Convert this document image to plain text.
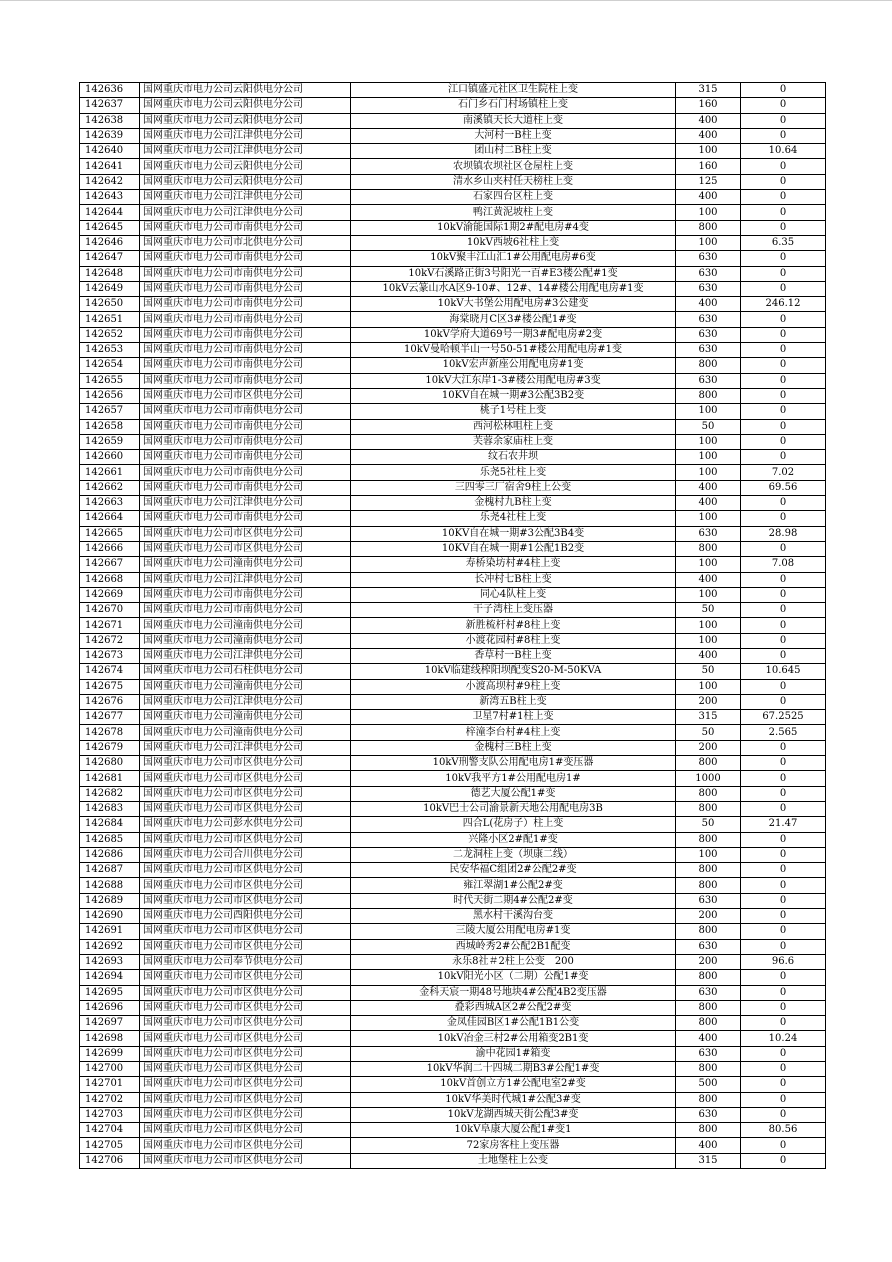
142636	国网重庆市电力公司云阳供电分公司	江口镇盛元社区卫生院柱上变	315	0
142637	国网重庆市电力公司云阳供电分公司	石门乡石门村场镇柱上变	160	0
142638	国网重庆市电力公司云阳供电分公司	南溪镇天长大道柱上变	400	0
142639	国网重庆市电力公司江津供电分公司	大河村一B柱上变	400	0
142640	国网重庆市电力公司江津供电分公司	团山村二B柱上变	100	10.64
142641	国网重庆市电力公司云阳供电分公司	农坝镇农坝社区仓屋柱上变	160	0
142642	国网重庆市电力公司云阳供电分公司	清水乡山夹村任天榜柱上变	125	0
142643	国网重庆市电力公司江津供电分公司	石家四台区柱上变	400	0
142644	国网重庆市电力公司江津供电分公司	鸭江黄泥坡柱上变	100	0
142645	国网重庆市电力公司市南供电分公司	10kV渝能国际1期2#配电房#4变	800	0
142646	国网重庆市电力公司市北供电分公司	10kV西坡6社柱上变	100	6.35
142647	国网重庆市电力公司市南供电分公司	10kV聚丰江山汇1#公用配电房#6变	630	0
142648	国网重庆市电力公司市南供电分公司	10kV石溪路正街3号阳光一百#E3楼公配#1变	630	0
142649	国网重庆市电力公司市南供电分公司	10kV云篆山水A区9-10#、12#、14#楼公用配电房#1变	630	0
142650	国网重庆市电力公司市南供电分公司	10kV大书堡公用配电房#3公建变	400	246.12
142651	国网重庆市电力公司市南供电分公司	海棠晓月C区3#楼公配1#变	630	0
142652	国网重庆市电力公司市南供电分公司	10kV学府大道69号一期3#配电房#2变	630	0
142653	国网重庆市电力公司市南供电分公司	10kV曼哈顿半山一号50-51#楼公用配电房#1变	630	0
142654	国网重庆市电力公司市南供电分公司	10kV宏声新座公用配电房#1变	800	0
142655	国网重庆市电力公司市南供电分公司	10kV大江东岸1-3#楼公用配电房#3变	630	0
142656	国网重庆市电力公司市区供电分公司	10KV自在城一期#3公配3B2变	800	0
142657	国网重庆市电力公司市南供电分公司	桃子1号柱上变	100	0
142658	国网重庆市电力公司市南供电分公司	西河松林咀柱上变	50	0
142659	国网重庆市电力公司市南供电分公司	芙蓉余家庙柱上变	100	0
142660	国网重庆市电力公司市南供电分公司	纹石农井坝	100	0
142661	国网重庆市电力公司市南供电分公司	乐尧5社柱上变	100	7.02
142662	国网重庆市电力公司市南供电分公司	三四零三厂宿舍9柱上公变	400	69.56
142663	国网重庆市电力公司江津供电分公司	金槐村九B柱上变	400	0
142664	国网重庆市电力公司市南供电分公司	乐尧4社柱上变	100	0
142665	国网重庆市电力公司市区供电分公司	10KV自在城一期#3公配3B4变	630	28.98
142666	国网重庆市电力公司市区供电分公司	10KV自在城一期#1公配1B2变	800	0
142667	国网重庆市电力公司潼南供电分公司	寿桥染坊村#4柱上变	100	7.08
142668	国网重庆市电力公司江津供电分公司	长冲村七B柱上变	400	0
142669	国网重庆市电力公司市南供电分公司	同心4队柱上变	100	0
142670	国网重庆市电力公司市南供电分公司	干子湾柱上变压器	50	0
142671	国网重庆市电力公司潼南供电分公司	新胜梳杆村#8柱上变	100	0
142672	国网重庆市电力公司潼南供电分公司	小渡花园村#8柱上变	100	0
142673	国网重庆市电力公司江津供电分公司	香草村一B柱上变	400	0
142674	国网重庆市电力公司石柱供电分公司	10kV临建线榨阳坝配变S20-M-50KVA	50	10.645
142675	国网重庆市电力公司潼南供电分公司	小渡高坝村#9柱上变	100	0
142676	国网重庆市电力公司江津供电分公司	新湾五B柱上变	200	0
142677	国网重庆市电力公司潼南供电分公司	卫星7村#1柱上变	315	67.2525
142678	国网重庆市电力公司潼南供电分公司	梓潼李台村#4柱上变	50	2.565
142679	国网重庆市电力公司江津供电分公司	金槐村三B柱上变	200	0
142680	国网重庆市电力公司市区供电分公司	10kV刑警支队公用配电房1#变压器	800	0
142681	国网重庆市电力公司市区供电分公司	10kV我平方1#公用配电房1#	1000	0
142682	国网重庆市电力公司市区供电分公司	德艺大厦公配1#变	800	0
142683	国网重庆市电力公司市区供电分公司	10kV巴士公司渝景新天地公用配电房3B	800	0
142684	国网重庆市电力公司彭水供电分公司	四合L(花房子）柱上变	50	21.47
142685	国网重庆市电力公司市区供电分公司	兴隆小区2#配1#变	800	0
142686	国网重庆市电力公司合川供电分公司	二龙洞柱上变（坝康二线）	100	0
142687	国网重庆市电力公司市区供电分公司	民安华福C组团2#公配2#变	800	0
142688	国网重庆市电力公司市区供电分公司	雍江翠湖1#公配2#变	800	0
142689	国网重庆市电力公司市区供电分公司	时代天街二期4#公配2#变	630	0
142690	国网重庆市电力公司酉阳供电分公司	黑水村干溪沟台变	200	0
142691	国网重庆市电力公司市区供电分公司	三陵大厦公用配电房#1变	800	0
142692	国网重庆市电力公司市区供电分公司	西城岭秀2#公配2B1配变	630	0
142693	国网重庆市电力公司奉节供电分公司	永乐8社＃2柱上公变　200	200	96.6
142694	国网重庆市电力公司市区供电分公司	10kV阳光小区（二期）公配1#变	800	0
142695	国网重庆市电力公司市区供电分公司	金科天宸一期48号地块4#公配4B2变压器	630	0
142696	国网重庆市电力公司市区供电分公司	叠彩西城A区2#公配2#变	800	0
142697	国网重庆市电力公司市区供电分公司	金凤佳园B区1#公配1B1公变	800	0
142698	国网重庆市电力公司市区供电分公司	10kV冶金三村2#公用箱变2B1变	400	10.24
142699	国网重庆市电力公司市区供电分公司	渝中花园1#箱变	630	0
142700	国网重庆市电力公司市区供电分公司	10kV华润二十四城二期B3#公配1#变	800	0
142701	国网重庆市电力公司市区供电分公司	10kV首创立方1#公配电室2#变	500	0
142702	国网重庆市电力公司市区供电分公司	10kV华美时代城1#公配3#变	800	0
142703	国网重庆市电力公司市区供电分公司	10kV龙湖西城天街公配3#变	630	0
142704	国网重庆市电力公司市区供电分公司	10kV阜康大厦公配1#变1	800	80.56
142705	国网重庆市电力公司市区供电分公司	72家房客柱上变压器	400	0
142706	国网重庆市电力公司市区供电分公司	土地堡柱上公变	315	0
